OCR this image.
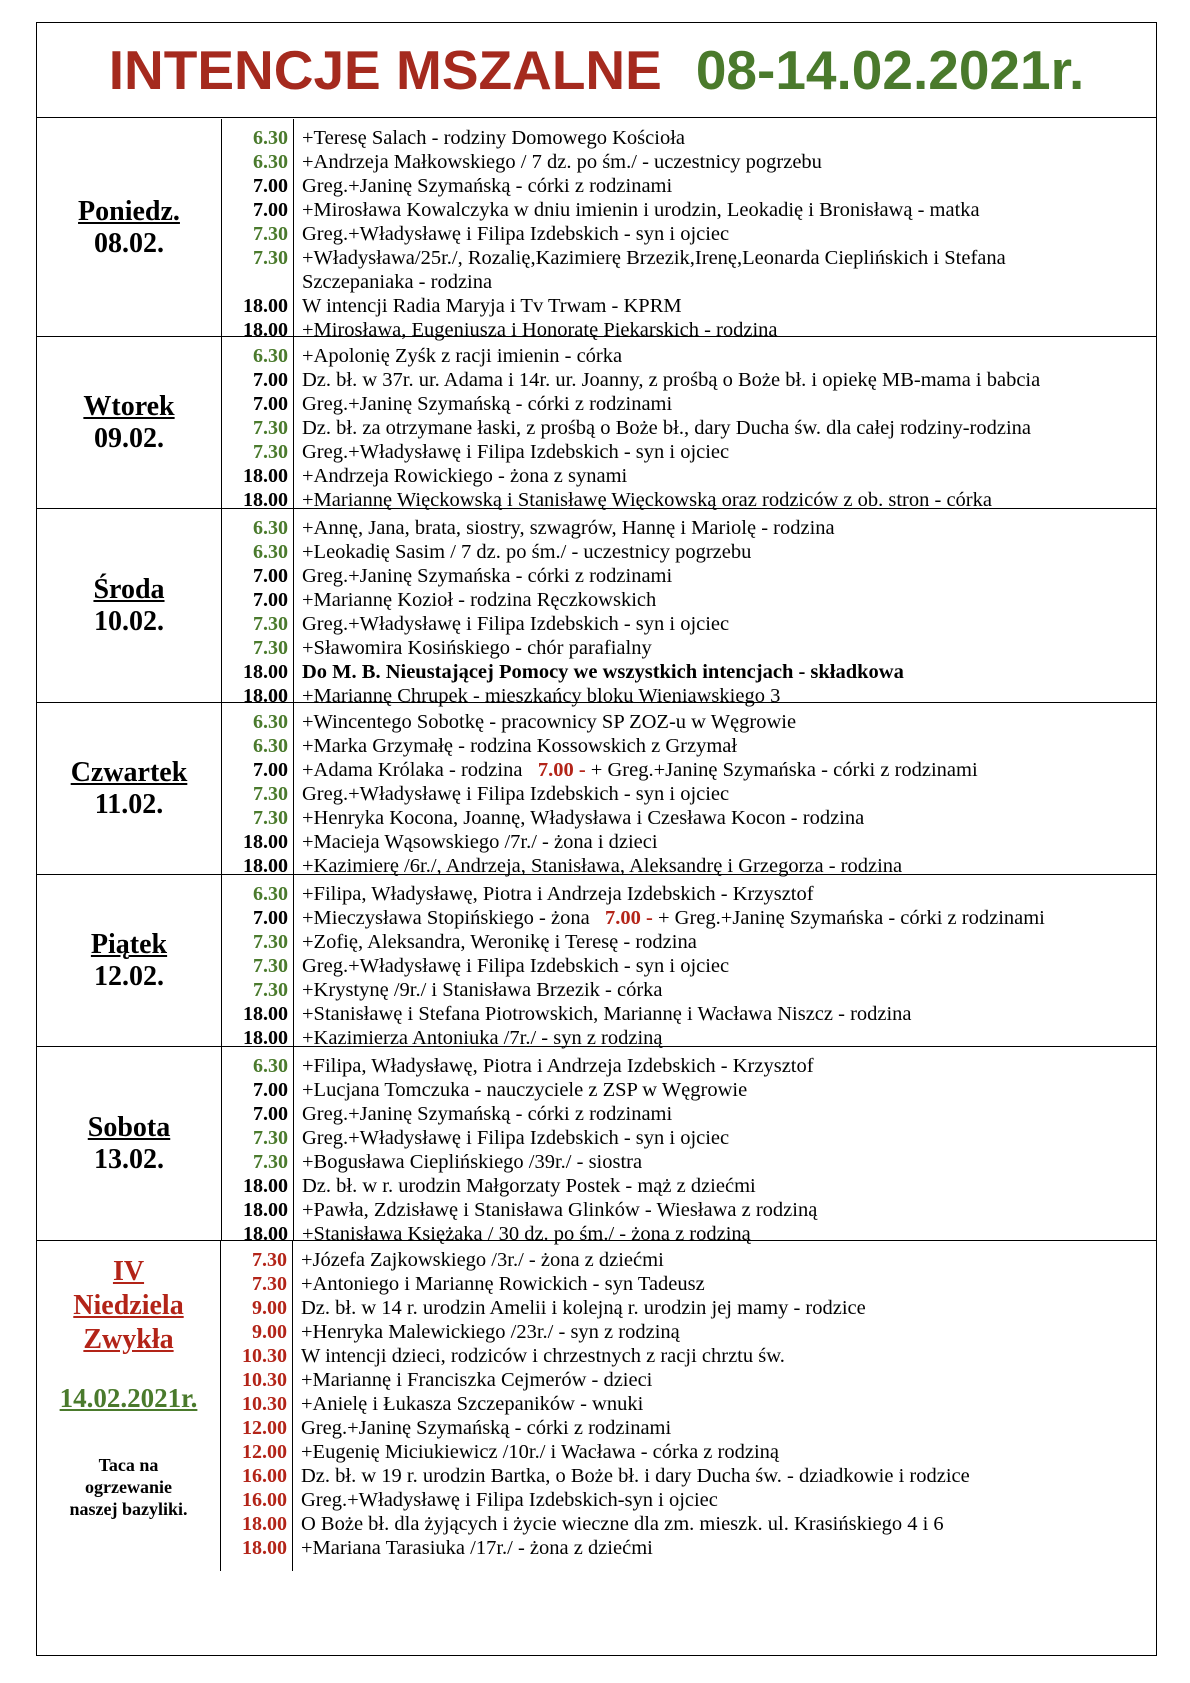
INTENCJE MSZALNE 08-14.02.2021r.
Poniedz.
08.02.
6.30
6.30
7.00
7.00
7.30
7.30
18.00
18.00
+Teresę Salach - rodziny Domowego Kościoła
+Andrzeja Małkowskiego / 7 dz. po śm./ - uczestnicy pogrzebu
Greg.+Janinę Szymańską - córki z rodzinami
+Mirosława Kowalczyka w dniu imienin i urodzin, Leokadię i Bronisławą - matka
Greg.+Władysławę i Filipa Izdebskich - syn i ojciec
+Władysława/25r./, Rozalię,Kazimierę Brzezik,Irenę,Leonarda Cieplińskich i Stefana Szczepaniaka - rodzina
W intencji Radia Maryja i Tv Trwam - KPRM
+Mirosława, Eugeniusza i Honoratę Piekarskich - rodzina
Wtorek
09.02.
6.30
7.00
7.00
7.30
7.30
18.00
18.00
+Apolonię Zyśk z racji imienin - córka
Dz. bł. w 37r. ur. Adama i 14r. ur. Joanny, z prośbą o Boże bł. i opiekę MB-mama i babcia
Greg.+Janinę Szymańską - córki z rodzinami
Dz. bł. za otrzymane łaski, z prośbą o Boże bł., dary Ducha św. dla całej rodziny-rodzina
Greg.+Władysławę i Filipa Izdebskich - syn i ojciec
+Andrzeja Rowickiego - żona z synami
+Mariannę Więckowską i Stanisławę Więckowską oraz rodziców z ob. stron - córka
Środa
10.02.
6.30
6.30
7.00
7.00
7.30
7.30
18.00
18.00
+Annę, Jana, brata, siostry, szwagrów, Hannę i Mariolę - rodzina
+Leokadię Sasim / 7 dz. po śm./ - uczestnicy pogrzebu
Greg.+Janinę Szymańska - córki z rodzinami
+Mariannę Kozioł - rodzina Ręczkowskich
Greg.+Władysławę i Filipa Izdebskich - syn i ojciec
+Sławomira Kosińskiego - chór parafialny
Do M. B. Nieustającej Pomocy we wszystkich intencjach - składkowa
+Mariannę Chrupek - mieszkańcy bloku Wieniawskiego 3
Czwartek
11.02.
6.30
6.30
7.00
7.30
7.30
18.00
18.00
+Wincentego Sobotkę - pracownicy SP ZOZ-u w Węgrowie
+Marka Grzymałę - rodzina Kossowskich z Grzymał
+Adama Królaka - rodzina 7.00 - + Greg.+Janinę Szymańska - córki z rodzinami
Greg.+Władysławę i Filipa Izdebskich - syn i ojciec
+Henryka Kocona, Joannę, Władysława i Czesława Kocon - rodzina
+Macieja Wąsowskiego /7r./ - żona i dzieci
+Kazimierę /6r./, Andrzeja, Stanisława, Aleksandrę i Grzegorza - rodzina
Piątek
12.02.
6.30
7.00
7.30
7.30
7.30
18.00
18.00
+Filipa, Władysławę, Piotra i Andrzeja Izdebskich - Krzysztof
+Mieczysława Stopińskiego - żona 7.00 - + Greg.+Janinę Szymańska - córki z rodzinami
+Zofię, Aleksandra, Weronikę i Teresę - rodzina
Greg.+Władysławę i Filipa Izdebskich - syn i ojciec
+Krystynę /9r./ i Stanisława Brzezik - córka
+Stanisławę i Stefana Piotrowskich, Mariannę i Wacława Niszcz - rodzina
+Kazimierza Antoniuka /7r./ - syn z rodziną
Sobota
13.02.
6.30
7.00
7.00
7.30
7.30
18.00
18.00
18.00
+Filipa, Władysławę, Piotra i Andrzeja Izdebskich - Krzysztof
+Lucjana Tomczuka - nauczyciele z ZSP w Węgrowie
Greg.+Janinę Szymańską - córki z rodzinami
Greg.+Władysławę i Filipa Izdebskich - syn i ojciec
+Bogusława Cieplińskiego /39r./ - siostra
Dz. bł. w r. urodzin Małgorzaty Postek - mąż z dziećmi
+Pawła, Zdzisławę i Stanisława Glinków - Wiesława z rodziną
+Stanisława Księżaka / 30 dz. po śm./ - żona z rodziną
IV
Niedziela
Zwykła
14.02.2021r.
Taca na
ogrzewanie
naszej bazyliki.
7.30
7.30
9.00
9.00
10.30
10.30
10.30
12.00
12.00
16.00
16.00
18.00
18.00
+Józefa Zajkowskiego /3r./ - żona z dziećmi
+Antoniego i Mariannę Rowickich - syn Tadeusz
Dz. bł. w 14 r. urodzin Amelii i kolejną r. urodzin jej mamy - rodzice
+Henryka Malewickiego /23r./ - syn z rodziną
W intencji dzieci, rodziców i chrzestnych z racji chrztu św.
+Mariannę i Franciszka Cejmerów - dzieci
+Anielę i Łukasza Szczepaników - wnuki
Greg.+Janinę Szymańską - córki z rodzinami
+Eugenię Miciukiewicz /10r./ i Wacława - córka z rodziną
Dz. bł. w 19 r. urodzin Bartka, o Boże bł. i dary Ducha św. - dziadkowie i rodzice
Greg.+Władysławę i Filipa Izdebskich-syn i ojciec
O Boże bł. dla żyjących i życie wieczne dla zm. mieszk. ul. Krasińskiego 4 i 6
+Mariana Tarasiuka /17r./ - żona z dziećmi
